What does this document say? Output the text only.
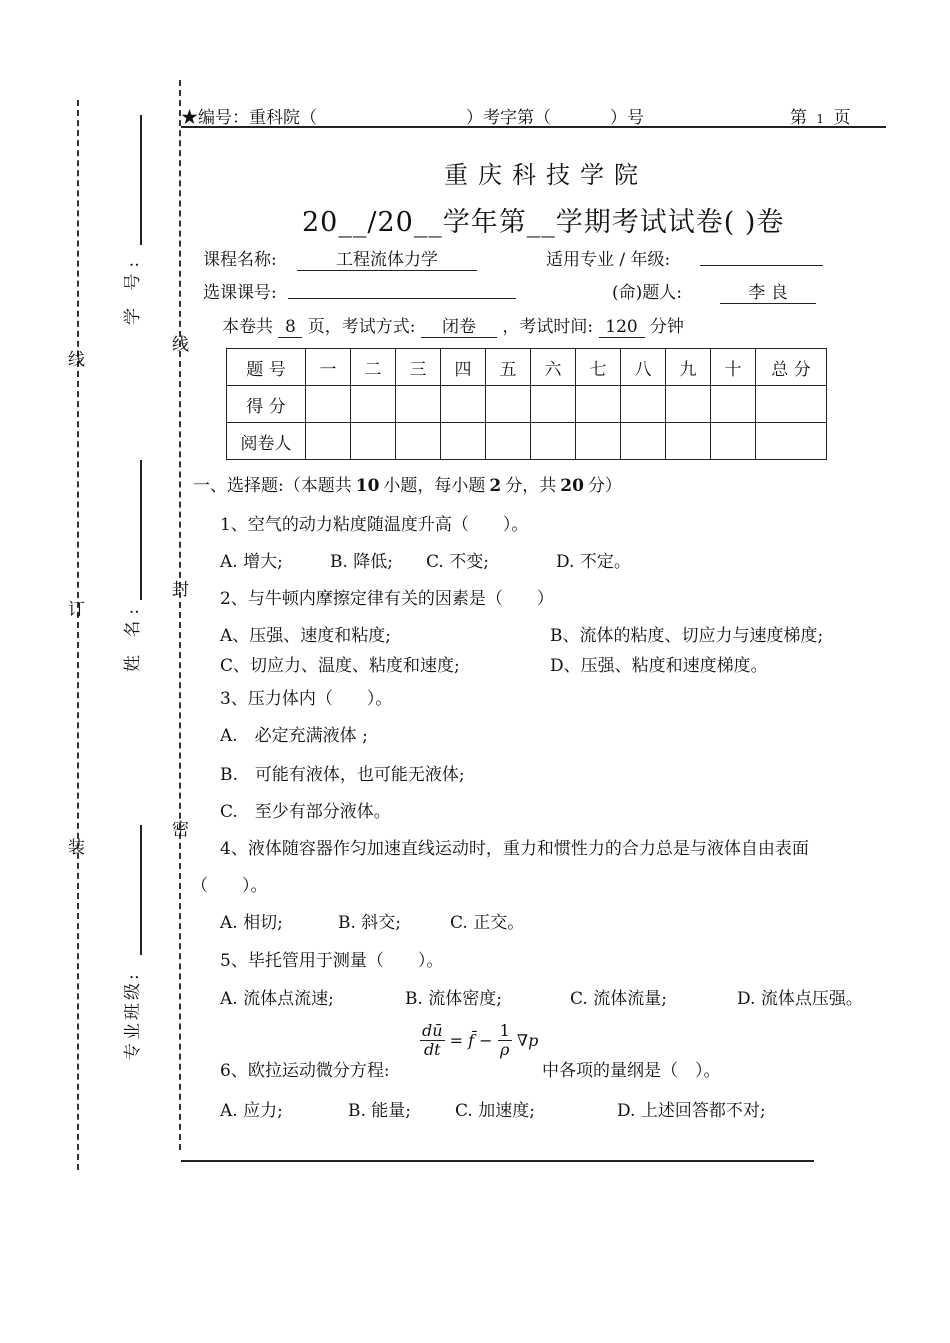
线
订
装
线
封
密
学 号:
姓 名:
专业班级:
★编号：重科院（	）考字第（	）号	第 1 页
重庆科技学院
20__/20__学年第__学期考试试卷( )卷
课程名称:	工程流体力学	适用专业 / 年级:
选课课号:	(命)题人:	李 良
本卷共 8 页，考试方式: 闭卷 ，考试时间: 120 分钟
题 号	一	二	三	四	五	六	七	八	九	十	总 分
得 分											
阅卷人											
一、选择题:（本题共 10 小题，每小题 2 分，共 20 分）
1、空气的动力粘度随温度升高（　　）。
A. 增大;	B. 降低; C. 不变;	D. 不定。
2、与牛顿内摩擦定律有关的因素是（　　）
A、压强、速度和粘度;	B、流体的粘度、切应力与速度梯度;
C、切应力、温度、粘度和速度;	D、压强、粘度和速度梯度。
3、压力体内（　　）。
A.　必定充满液体 ;
B.　可能有液体，也可能无液体;
C.　至少有部分液体。
4、液体随容器作匀加速直线运动时，重力和惯性力的合力总是与液体自由表面
（　　）。
A. 相切;	B. 斜交;	C. 正交。
5、毕托管用于测量（　　）。
A. 流体点流速;	B. 流体密度;	C. 流体流量;	D. 流体点压强。
6、欧拉运动微分方程:
$\frac{dū}{dt}$ = f̄ − $\frac{1}{\rho} \nabla p$
中各项的量纲是（　）。
A. 应力;	B. 能量;	C. 加速度;	D. 上述回答都不对;
